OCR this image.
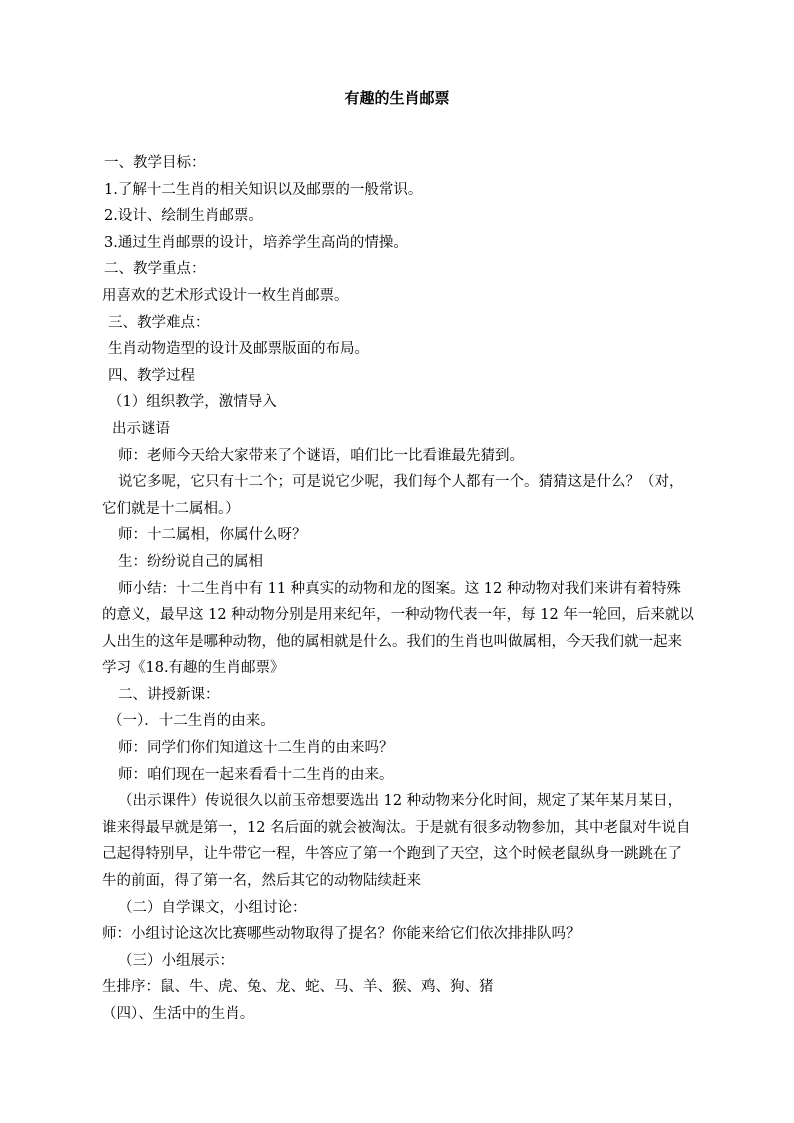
有趣的生肖邮票
一、教学目标：
1.了解十二生肖的相关知识以及邮票的一般常识。
2.设计、绘制生肖邮票。
3.通过生肖邮票的设计，培养学生高尚的情操。
二、教学重点：
用喜欢的艺术形式设计一枚生肖邮票。
三、教学难点：
生肖动物造型的设计及邮票版面的布局。
四、教学过程
（1）组织教学，激情导入
出示谜语
师：老师今天给大家带来了个谜语，咱们比一比看谁最先猜到。
说它多呢，它只有十二个；可是说它少呢，我们每个人都有一个。猜猜这是什么？（对，
它们就是十二属相。）
师：十二属相，你属什么呀？
生：纷纷说自己的属相
师小结：十二生肖中有 11 种真实的动物和龙的图案。这 12 种动物对我们来讲有着特殊
的意义，最早这 12 种动物分别是用来纪年，一种动物代表一年，每 12 年一轮回，后来就以
人出生的这年是哪种动物，他的属相就是什么。我们的生肖也叫做属相，今天我们就一起来
学习《18.有趣的生肖邮票》
二、讲授新课：
（一）．十二生肖的由来。
师：同学们你们知道这十二生肖的由来吗？
师：咱们现在一起来看看十二生肖的由来。
（出示课件）传说很久以前玉帝想要选出 12 种动物来分化时间，规定了某年某月某日，
谁来得最早就是第一，12 名后面的就会被淘汰。于是就有很多动物参加，其中老鼠对牛说自
己起得特别早，让牛带它一程，牛答应了第一个跑到了天空，这个时候老鼠纵身一跳跳在了
牛的前面，得了第一名，然后其它的动物陆续赶来
（二）自学课文，小组讨论：
师：小组讨论这次比赛哪些动物取得了提名？你能来给它们依次排排队吗？
（三）小组展示：
生排序：鼠、牛、虎、兔、龙、蛇、马、羊、猴、鸡、狗、猪
（四）、生活中的生肖。
